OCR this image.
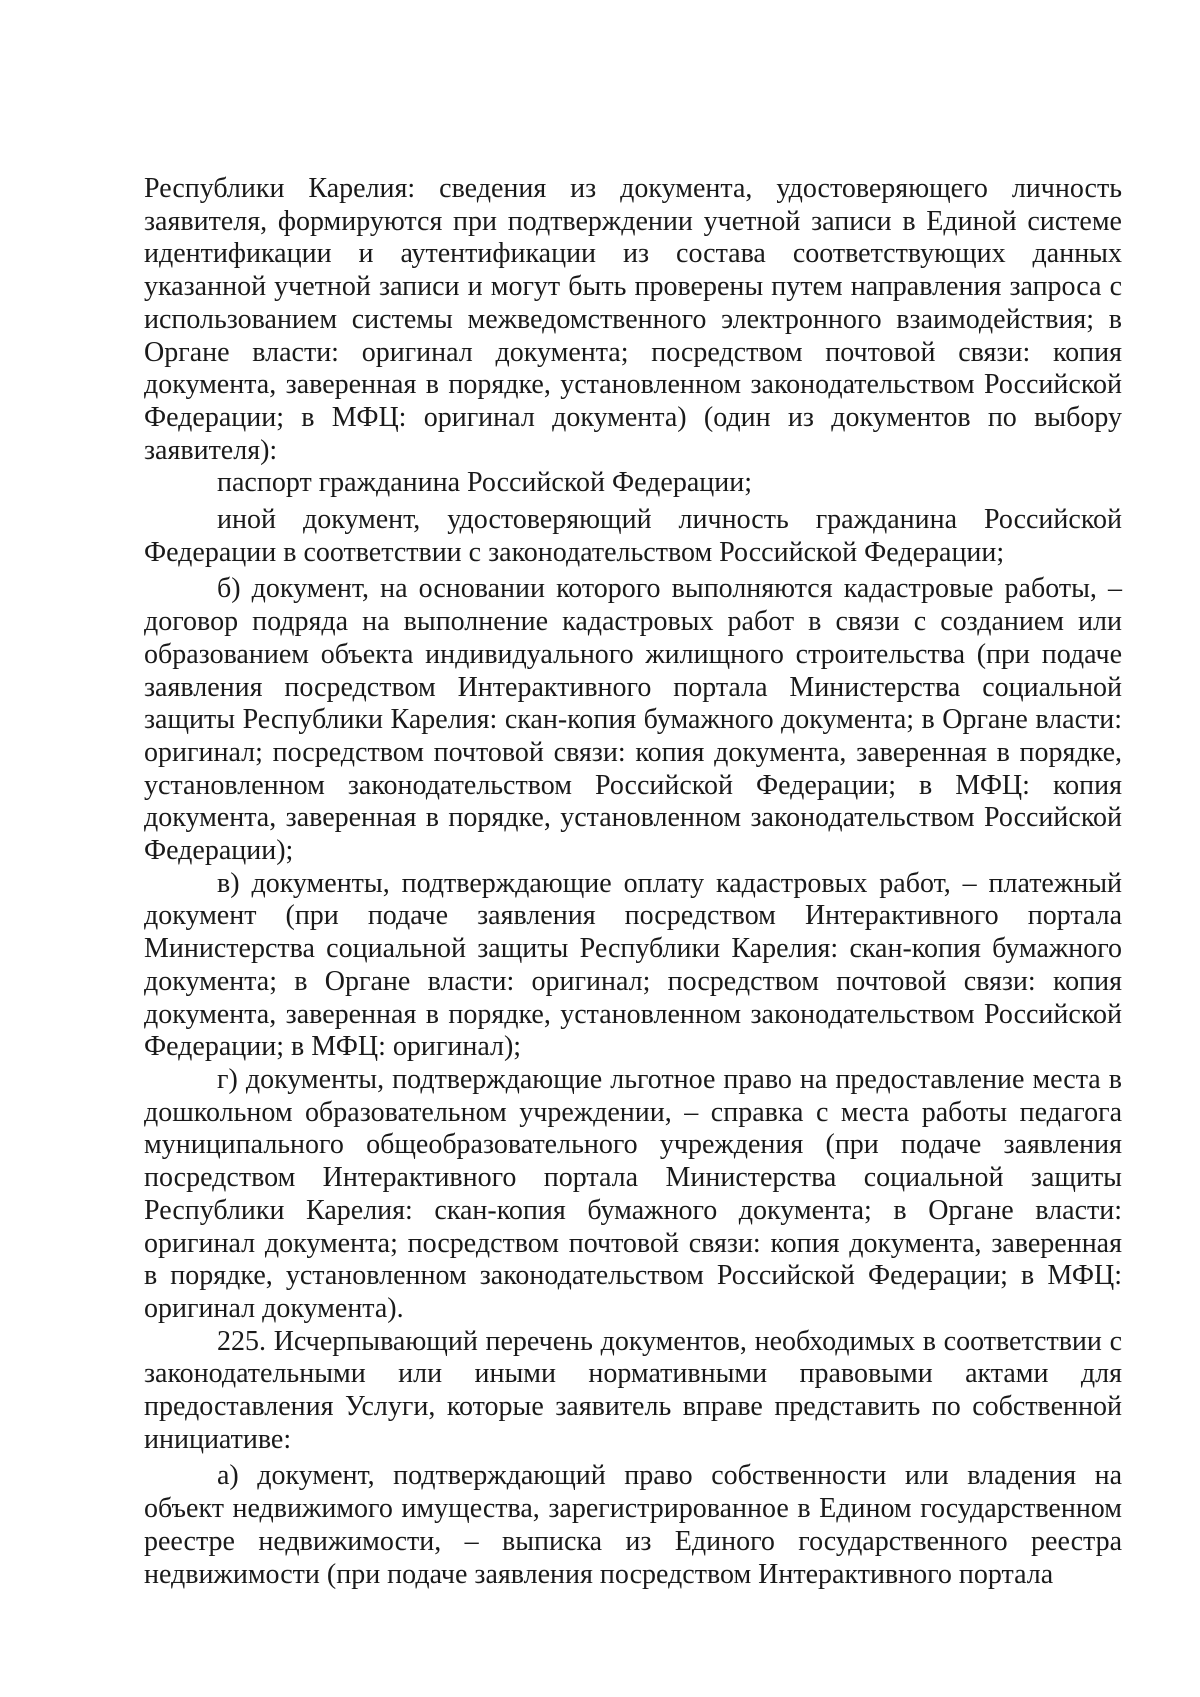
Республики Карелия: сведения из документа, удостоверяющего личность заявителя, формируются при подтверждении учетной записи в Единой системе идентификации и аутентификации из состава соответствующих данных указанной учетной записи и могут быть проверены путем направления запроса с использованием системы межведомственного электронного взаимодействия; в Органе власти: оригинал документа; посредством почтовой связи: копия документа, заверенная в порядке, установленном законодательством Российской Федерации; в МФЦ: оригинал документа) (один из документов по выбору заявителя):

паспорт гражданина Российской Федерации;

иной документ, удостоверяющий личность гражданина Российской Федерации в соответствии с законодательством Российской Федерации;

б) документ, на основании которого выполняются кадастровые работы, – договор подряда на выполнение кадастровых работ в связи с созданием или образованием объекта индивидуального жилищного строительства (при подаче заявления посредством Интерактивного портала Министерства социальной защиты Республики Карелия: скан-копия бумажного документа; в Органе власти: оригинал; посредством почтовой связи: копия документа, заверенная в порядке, установленном законодательством Российской Федерации; в МФЦ: копия документа, заверенная в порядке, установленном законодательством Российской Федерации);

в) документы, подтверждающие оплату кадастровых работ, – платежный документ (при подаче заявления посредством Интерактивного портала Министерства социальной защиты Республики Карелия: скан-копия бумажного документа; в Органе власти: оригинал; посредством почтовой связи: копия документа, заверенная в порядке, установленном законодательством Российской Федерации; в МФЦ: оригинал);

г) документы, подтверждающие льготное право на предоставление места в дошкольном образовательном учреждении, – справка с места работы педагога муниципального общеобразовательного учреждения (при подаче заявления посредством Интерактивного портала Министерства социальной защиты Республики Карелия: скан-копия бумажного документа; в Органе власти: оригинал документа; посредством почтовой связи: копия документа, заверенная в порядке, установленном законодательством Российской Федерации; в МФЦ: оригинал документа).

225. Исчерпывающий перечень документов, необходимых в соответствии с законодательными или иными нормативными правовыми актами для предоставления Услуги, которые заявитель вправе представить по собственной инициативе:

а) документ, подтверждающий право собственности или владения на объект недвижимого имущества, зарегистрированное в Едином государственном реестре недвижимости, – выписка из Единого государственного реестра недвижимости (при подаче заявления посредством Интерактивного портала
